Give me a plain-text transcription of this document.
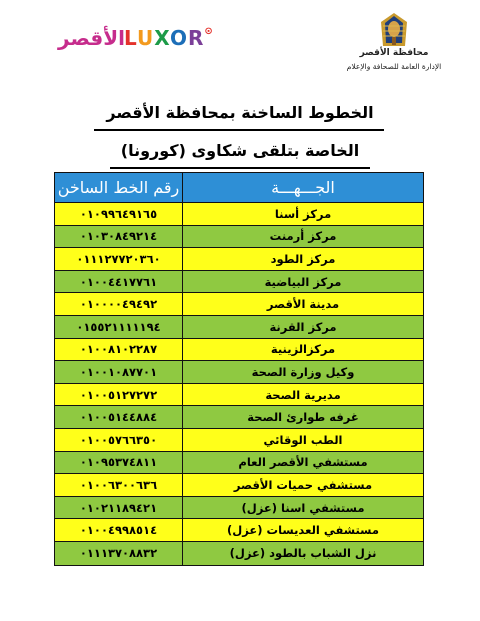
الأقصر LUXOR⊙
محافظة الأقصر
الإدارة العامة للصحافة والإعلام
الخطوط الساخنة بمحافظة الأقصر
الخاصة بتلقى شكاوى (كورونا)
رقم الخط الساخن	الجـــهـــة
٠١٠٩٩٦٤٩١٦٥	مركز أسنا
٠١٠٣٠٨٤٩٢١٤	مركز أرمنت
٠١١١٢٧٧٢٠٣٦٠	مركز الطود
٠١٠٠٤٤١٧٧٦١	مركز البياضية
٠١٠٠٠٠٤٩٤٩٢	مدينة الأقصر
٠١٥٥٢١١١١١٩٤	مركز القرنة
٠١٠٠٨١٠٢٢٨٧	مركزالزينية
٠١٠٠١٠٨٧٧٠١	وكيل وزارة الصحة
٠١٠٠٥١٢٧٢٧٢	مديرية الصحة
٠١٠٠٥١٤٤٨٨٤	غرفه طوارئ الصحة
٠١٠٠٥٧٦٦٣٥٠	الطب الوقائي
٠١٠٩٥٣٧٤٨١١	مستشفي الأقصر العام
٠١٠٠٦٣٠٠٦٣٦	مستشفي حميات الأقصر
٠١٠٢١١٨٩٤٢١	مستشفي اسنا (عزل)
٠١٠٠٤٩٩٨٥١٤	مستشفي العديسات (عزل)
٠١١١٣٧٠٨٨٣٢	نزل الشباب بالطود (عزل)
